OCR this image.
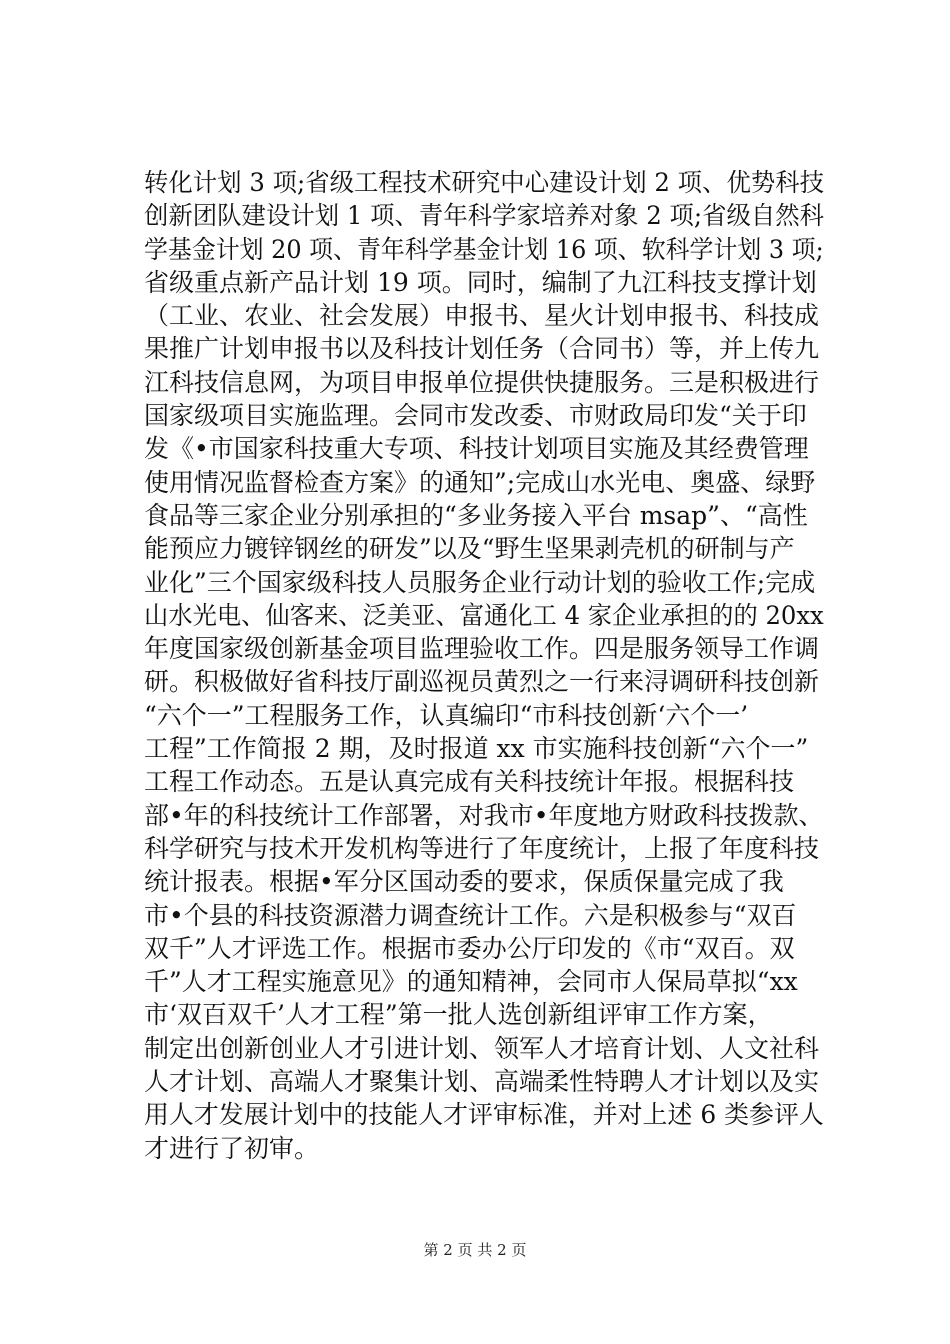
转化计划 3 项;省级工程技术研究中心建设计划 2 项、优势科技
创新团队建设计划 1 项、青年科学家培养对象 2 项;省级自然科
学基金计划 20 项、青年科学基金计划 16 项、软科学计划 3 项;
省级重点新产品计划 19 项。同时，编制了九江科技支撑计划
（工业、农业、社会发展）申报书、星火计划申报书、科技成
果推广计划申报书以及科技计划任务（合同书）等，并上传九
江科技信息网，为项目申报单位提供快捷服务。三是积极进行
国家级项目实施监理。会同市发改委、市财政局印发“关于印
发《•市国家科技重大专项、科技计划项目实施及其经费管理
使用情况监督检查方案》的通知”;完成山水光电、奥盛、绿野
食品等三家企业分别承担的“多业务接入平台 msap”、“高性
能预应力镀锌钢丝的研发”以及“野生坚果剥壳机的研制与产
业化”三个国家级科技人员服务企业行动计划的验收工作;完成
山水光电、仙客来、泛美亚、富通化工 4 家企业承担的的 20xx
年度国家级创新基金项目监理验收工作。四是服务领导工作调
研。积极做好省科技厅副巡视员黄烈之一行来浔调研科技创新
“六个一”工程服务工作，认真编印“市科技创新‘六个一’
工程”工作简报 2 期，及时报道 xx 市实施科技创新“六个一”
工程工作动态。五是认真完成有关科技统计年报。根据科技
部•年的科技统计工作部署，对我市•年度地方财政科技拨款、
科学研究与技术开发机构等进行了年度统计，上报了年度科技
统计报表。根据•军分区国动委的要求，保质保量完成了我
市•个县的科技资源潜力调查统计工作。六是积极参与“双百
双千”人才评选工作。根据市委办公厅印发的《市“双百。双
千”人才工程实施意见》的通知精神，会同市人保局草拟“xx
市‘双百双千’人才工程”第一批人选创新组评审工作方案，
制定出创新创业人才引进计划、领军人才培育计划、人文社科
人才计划、高端人才聚集计划、高端柔性特聘人才计划以及实
用人才发展计划中的技能人才评审标准，并对上述 6 类参评人
才进行了初审。
第 2 页 共 2 页
